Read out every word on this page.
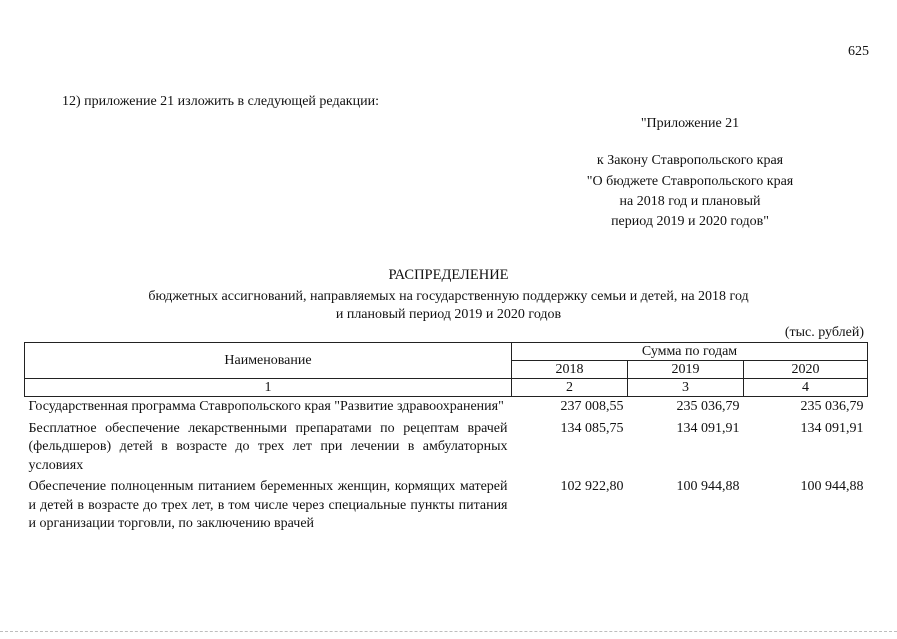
625
12) приложение 21 изложить в следующей редакции:
"Приложение 21
к Закону Ставропольского края
"О бюджете Ставропольского края
на 2018 год и плановый
период 2019 и 2020 годов"
РАСПРЕДЕЛЕНИЕ
бюджетных ассигнований, направляемых на государственную поддержку семьи и детей, на 2018 год
и плановый период 2019 и 2020 годов
(тыс. рублей)
Наименование	Сумма по годам		
	2018	2019	2020
1	2	3	4
Государственная программа Ставропольского края "Развитие здравоохранения"	237 008,55	235 036,79	235 036,79
Бесплатное обеспечение лекарственными препаратами по рецептам врачей (фельдшеров) детей в возрасте до трех лет при лечении в амбулаторных условиях	134 085,75	134 091,91	134 091,91
Обеспечение полноценным питанием беременных женщин, кормящих матерей и детей в возрасте до трех лет, в том числе через специальные пункты питания и организации торговли, по заключению врачей	102 922,80	100 944,88	100 944,88
